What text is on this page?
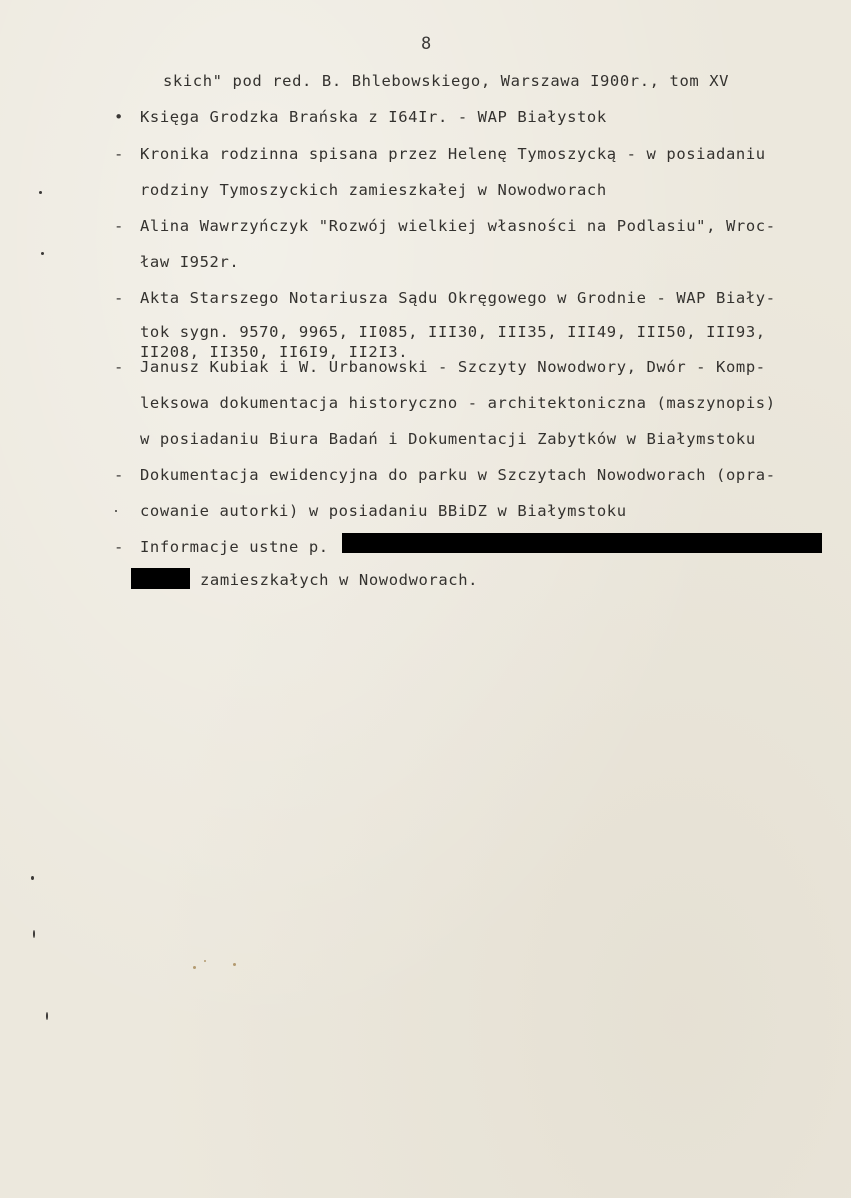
8
skich" pod red. B. Bhlebowskiego, Warszawa I900r., tom XV
• Księga Grodzka Brańska z I64Ir. - WAP Białystok
- Kronika rodzinna spisana przez Helenę Tymoszycką - w posiadaniu
rodziny Tymoszyckich zamieszkałej w Nowodworach
- Alina Wawrzyńczyk "Rozwój wielkiej własności na Podlasiu", Wroc-
ław I952r.
- Akta Starszego Notariusza Sądu Okręgowego w Grodnie - WAP Biały-
tok sygn. 9570, 9965, II085, III30, III35, III49, III50, III93,
II208, II350, II6I9, II2I3.
- Janusz Kubiak i W. Urbanowski - Szczyty Nowodwory, Dwór - Komp-
leksowa dokumentacja historyczno - architektoniczna (maszynopis)
w posiadaniu Biura Badań i Dokumentacji Zabytków w Białymstoku
- Dokumentacja ewidencyjna do parku w Szczytach Nowodworach (opra-
cowanie autorki) w posiadaniu BBiDZ w Białymstoku
- Informacje ustne p.
zamieszkałych w Nowodworach.
